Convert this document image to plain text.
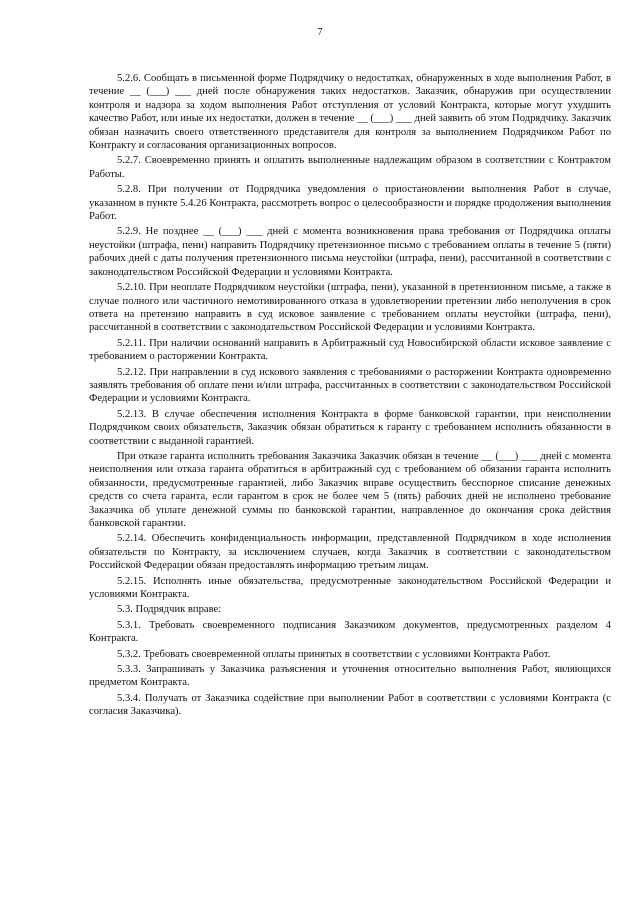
7

5.2.6. Сообщать в письменной форме Подрядчику о недостатках, обнаруженных в ходе выполнения Работ, в течение __ (___) ___ дней после обнаружения таких недостатков. Заказчик, обнаружив при осуществлении контроля и надзора за ходом выполнения Работ отступления от условий Контракта, которые могут ухудшить качество Работ, или иные их недостатки, должен в течение __ (___) ___ дней заявить об этом Подрядчику. Заказчик обязан назначить своего ответственного представителя для контроля за выполнением Подрядчиком Работ по Контракту и согласования организационных вопросов.

5.2.7. Своевременно принять и оплатить выполненные надлежащим образом в соответствии с Контрактом Работы.

5.2.8. При получении от Подрядчика уведомления о приостановлении выполнения Работ в случае, указанном в пункте 5.4.26 Контракта, рассмотреть вопрос о целесообразности и порядке продолжения выполнения Работ.

5.2.9. Не позднее __ (___) ___ дней с момента возникновения права требования от Подрядчика оплаты неустойки (штрафа, пени) направить Подрядчику претензионное письмо с требованием оплаты в течение 5 (пяти) рабочих дней с даты получения претензионного письма неустойки (штрафа, пени), рассчитанной в соответствии с законодательством Российской Федерации и условиями Контракта.

5.2.10. При неоплате Подрядчиком неустойки (штрафа, пени), указанной в претензионном письме, а также в случае полного или частичного немотивированного отказа в удовлетворении претензии либо неполучения в срок ответа на претензию направить в суд исковое заявление с требованием оплаты неустойки (штрафа, пени), рассчитанной в соответствии с законодательством Российской Федерации и условиями Контракта.

5.2.11. При наличии оснований направить в Арбитражный суд Новосибирской области исковое заявление с требованием о расторжении Контракта.

5.2.12. При направлении в суд искового заявления с требованиями о расторжении Контракта одновременно заявлять требования об оплате пени и/или штрафа, рассчитанных в соответствии с законодательством Российской Федерации и условиями Контракта.

5.2.13. В случае обеспечения исполнения Контракта в форме банковской гарантии, при неисполнении Подрядчиком своих обязательств, Заказчик обязан обратиться к гаранту с требованием исполнить обязанности в соответствии с выданной гарантией.

При отказе гаранта исполнить требования Заказчика Заказчик обязан в течение __ (___) ___ дней с момента неисполнения или отказа гаранта обратиться в арбитражный суд с требованием об обязании гаранта исполнить обязанности, предусмотренные гарантией, либо Заказчик вправе осуществить бесспорное списание денежных средств со счета гаранта, если гарантом в срок не более чем 5 (пять) рабочих дней не исполнено требование Заказчика об уплате денежной суммы по банковской гарантии, направленное до окончания срока действия банковской гарантии.

5.2.14. Обеспечить конфиденциальность информации, представленной Подрядчиком в ходе исполнения обязательств по Контракту, за исключением случаев, когда Заказчик в соответствии с законодательством Российской Федерации обязан предоставлять информацию третьим лицам.

5.2.15. Исполнять иные обязательства, предусмотренные законодательством Российской Федерации и условиями Контракта.

5.3. Подрядчик вправе:

5.3.1. Требовать своевременного подписания Заказчиком документов, предусмотренных разделом 4 Контракта.

5.3.2. Требовать своевременной оплаты принятых в соответствии с условиями Контракта Работ.

5.3.3. Запрашивать у Заказчика разъяснения и уточнения относительно выполнения Работ, являющихся предметом Контракта.

5.3.4. Получать от Заказчика содействие при выполнении Работ в соответствии с условиями Контракта (с согласия Заказчика).
